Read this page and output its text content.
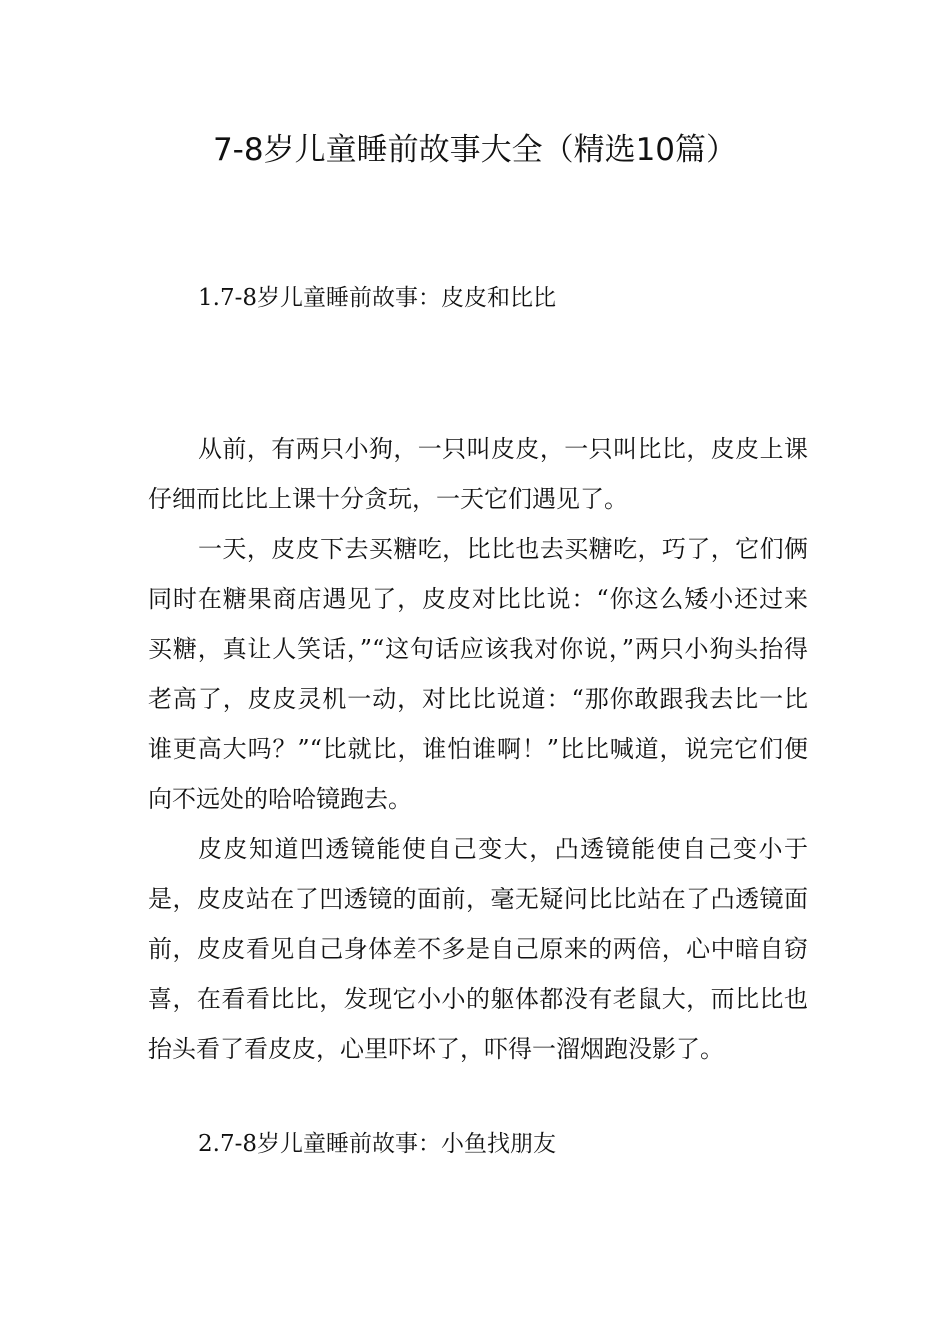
7-8岁儿童睡前故事大全（精选10篇）
1.7-8岁儿童睡前故事：皮皮和比比

从前，有两只小狗，一只叫皮皮，一只叫比比，皮皮上课仔细而比比上课十分贪玩，一天它们遇见了。

一天，皮皮下去买糖吃，比比也去买糖吃，巧了，它们俩同时在糖果商店遇见了，皮皮对比比说：“你这么矮小还过来买糖，真让人笑话，”“这句话应该我对你说，”两只小狗头抬得老高了，皮皮灵机一动，对比比说道：“那你敢跟我去比一比谁更高大吗？”“比就比，谁怕谁啊！”比比喊道，说完它们便向不远处的哈哈镜跑去。

皮皮知道凹透镜能使自己变大，凸透镜能使自己变小于是，皮皮站在了凹透镜的面前，毫无疑问比比站在了凸透镜面前，皮皮看见自己身体差不多是自己原来的两倍，心中暗自窃喜，在看看比比，发现它小小的躯体都没有老鼠大，而比比也抬头看了看皮皮，心里吓坏了，吓得一溜烟跑没影了。

2.7-8岁儿童睡前故事：小鱼找朋友
